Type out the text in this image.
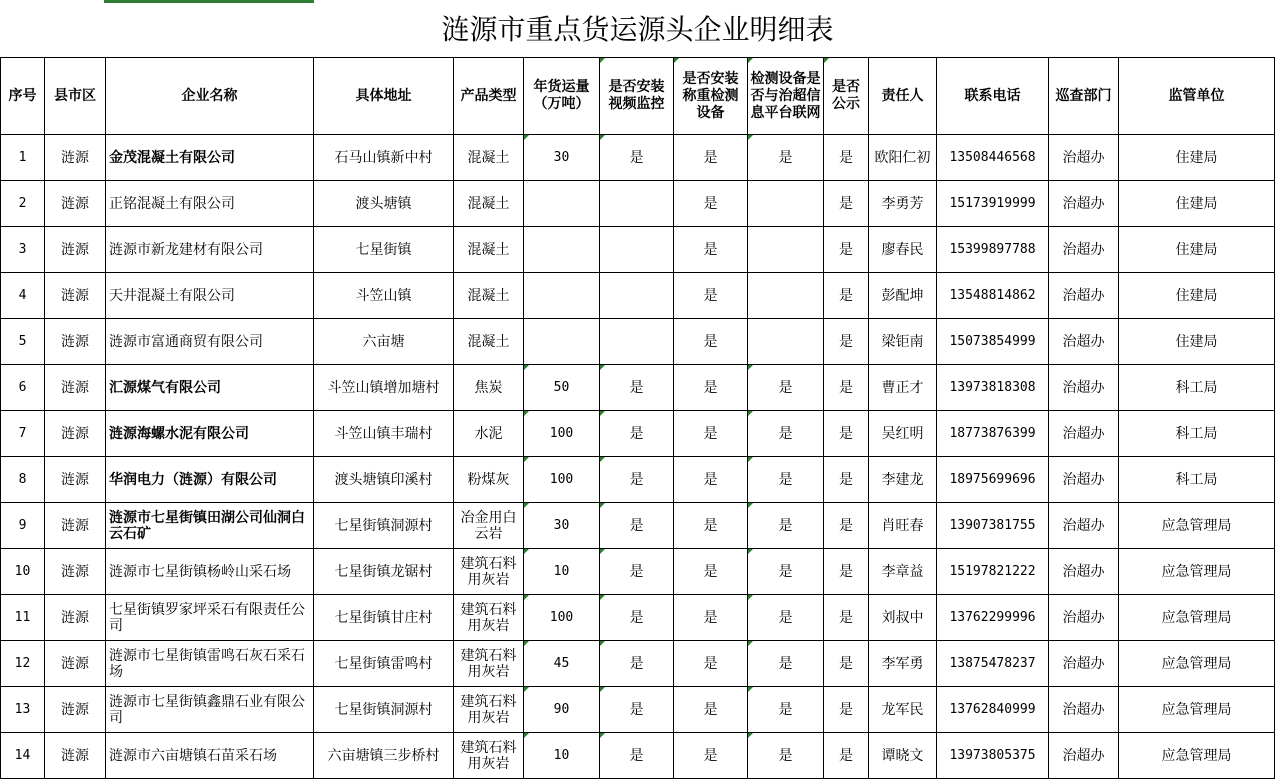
涟源市重点货运源头企业明细表													
序号	县市区	企业名称	具体地址	产品类型	年货运量（万吨）	是否安装视频监控	是否安装称重检测设备	检测设备是否与治超信息平台联网	是否公示	责任人	联系电话	巡查部门	监管单位
1	涟源	金茂混凝土有限公司	石马山镇新中村	混凝土	30	是	是	是	是	欧阳仁初	13508446568	治超办	住建局
2	涟源	正铭混凝土有限公司	渡头塘镇	混凝土			是		是	李勇芳	15173919999	治超办	住建局
3	涟源	涟源市新龙建材有限公司	七星街镇	混凝土			是		是	廖春民	15399897788	治超办	住建局
4	涟源	天井混凝土有限公司	斗笠山镇	混凝土			是		是	彭配坤	13548814862	治超办	住建局
5	涟源	涟源市富通商贸有限公司	六亩塘	混凝土			是		是	梁钜南	15073854999	治超办	住建局
6	涟源	汇源煤气有限公司	斗笠山镇增加塘村	焦炭	50	是	是	是	是	曹正才	13973818308	治超办	科工局
7	涟源	涟源海螺水泥有限公司	斗笠山镇丰瑞村	水泥	100	是	是	是	是	吴红明	18773876399	治超办	科工局
8	涟源	华润电力（涟源）有限公司	渡头塘镇印溪村	粉煤灰	100	是	是	是	是	李建龙	18975699696	治超办	科工局
9	涟源	涟源市七星街镇田湖公司仙洞白云石矿	七星街镇洞源村	冶金用白云岩	30	是	是	是	是	肖旺春	13907381755	治超办	应急管理局
10	涟源	涟源市七星街镇杨岭山采石场	七星街镇龙锯村	建筑石料用灰岩	10	是	是	是	是	李章益	15197821222	治超办	应急管理局
11	涟源	七星街镇罗家坪采石有限责任公司	七星街镇甘庄村	建筑石料用灰岩	100	是	是	是	是	刘叔中	13762299996	治超办	应急管理局
12	涟源	涟源市七星街镇雷鸣石灰石采石场	七星街镇雷鸣村	建筑石料用灰岩	45	是	是	是	是	李军勇	13875478237	治超办	应急管理局
13	涟源	涟源市七星街镇鑫鼎石业有限公司	七星街镇洞源村	建筑石料用灰岩	90	是	是	是	是	龙军民	13762840999	治超办	应急管理局
14	涟源	涟源市六亩塘镇石苗采石场	六亩塘镇三步桥村	建筑石料用灰岩	10	是	是	是	是	谭晓文	13973805375	治超办	应急管理局
